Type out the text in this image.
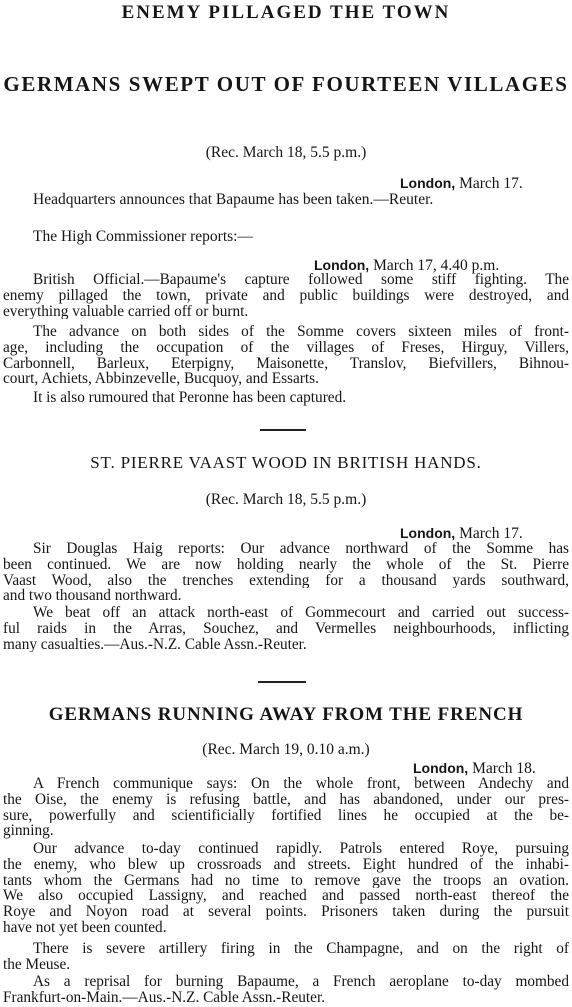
ENEMY PILLAGED THE TOWN
GERMANS SWEPT OUT OF FOURTEEN VILLAGES
(Rec. March 18, 5.5 p.m.)
London, March 17.
Headquarters announces that Bapaume has been taken.—Reuter.
The High Commissioner reports:—
London, March 17, 4.40 p.m.
British Official.—Bapaume's capture followed some stiff fighting. The
enemy pillaged the town, private and public buildings were destroyed, and
everything valuable carried off or burnt.
The advance on both sides of the Somme covers sixteen miles of front-
age, including the occupation of the villages of Freses, Hirguy, Villers,
Carbonnell, Barleux, Eterpigny, Maisonette, Translov, Biefvillers, Bihnou-
court, Achiets, Abbinzevelle, Bucquoy, and Essarts.
It is also rumoured that Peronne has been captured.
ST. PIERRE VAAST WOOD IN BRITISH HANDS.
(Rec. March 18, 5.5 p.m.)
London, March 17.
Sir Douglas Haig reports: Our advance northward of the Somme has
been continued. We are now holding nearly the whole of the St. Pierre
Vaast Wood, also the trenches extending for a thousand yards southward,
and two thousand northward.
We beat off an attack north-east of Gommecourt and carried out success-
ful raids in the Arras, Souchez, and Vermelles neighbourhoods, inflicting
many casualties.—Aus.-N.Z. Cable Assn.-Reuter.
GERMANS RUNNING AWAY FROM THE FRENCH
(Rec. March 19, 0.10 a.m.)
London, March 18.
A French communique says: On the whole front, between Andechy and
the Oise, the enemy is refusing battle, and has abandoned, under our pres-
sure, powerfully and scientificially fortified lines he occupied at the be-
ginning.
Our advance to-day continued rapidly. Patrols entered Roye, pursuing
the enemy, who blew up crossroads and streets. Eight hundred of the inhabi-
tants whom the Germans had no time to remove gave the troops an ovation.
We also occupied Lassigny, and reached and passed north-east thereof the
Roye and Noyon road at several points. Prisoners taken during the pursuit
have not yet been counted.
There is severe artillery firing in the Champagne, and on the right of
the Meuse.
As a reprisal for burning Bapaume, a French aeroplane to-day mombed
Frankfurt-on-Main.—Aus.-N.Z. Cable Assn.-Reuter.
